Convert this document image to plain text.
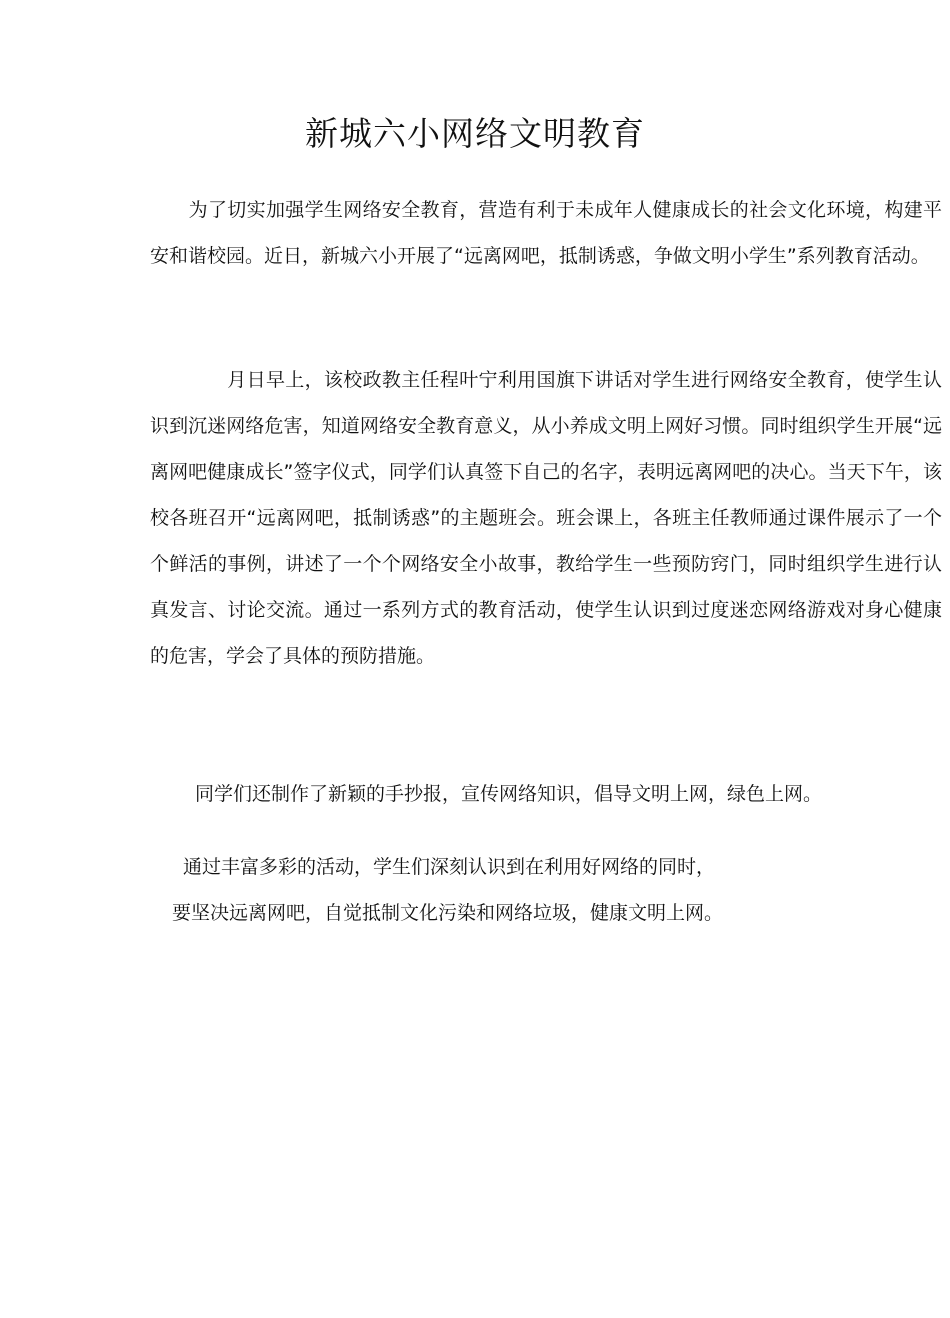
新城六小网络文明教育

　　为了切实加强学生网络安全教育，营造有利于未成年人健康成长的社会文化环境，构建平安和谐校园。近日，新城六小开展了“远离网吧，抵制诱惑，争做文明小学生”系列教育活动。

　　　　月日早上，该校政教主任程叶宁利用国旗下讲话对学生进行网络安全教育，使学生认识到沉迷网络危害，知道网络安全教育意义，从小养成文明上网好习惯。同时组织学生开展“远离网吧健康成长”签字仪式，同学们认真签下自己的名字，表明远离网吧的决心。当天下午，该校各班召开“远离网吧，抵制诱惑”的主题班会。班会课上，各班主任教师通过课件展示了一个个鲜活的事例，讲述了一个个网络安全小故事，教给学生一些预防窍门，同时组织学生进行认真发言、讨论交流。通过一系列方式的教育活动，使学生认识到过度迷恋网络游戏对身心健康的危害，学会了具体的预防措施。

同学们还制作了新颖的手抄报，宣传网络知识，倡导文明上网，绿色上网。

通过丰富多彩的活动，学生们深刻认识到在利用好网络的同时，

要坚决远离网吧，自觉抵制文化污染和网络垃圾，健康文明上网。
